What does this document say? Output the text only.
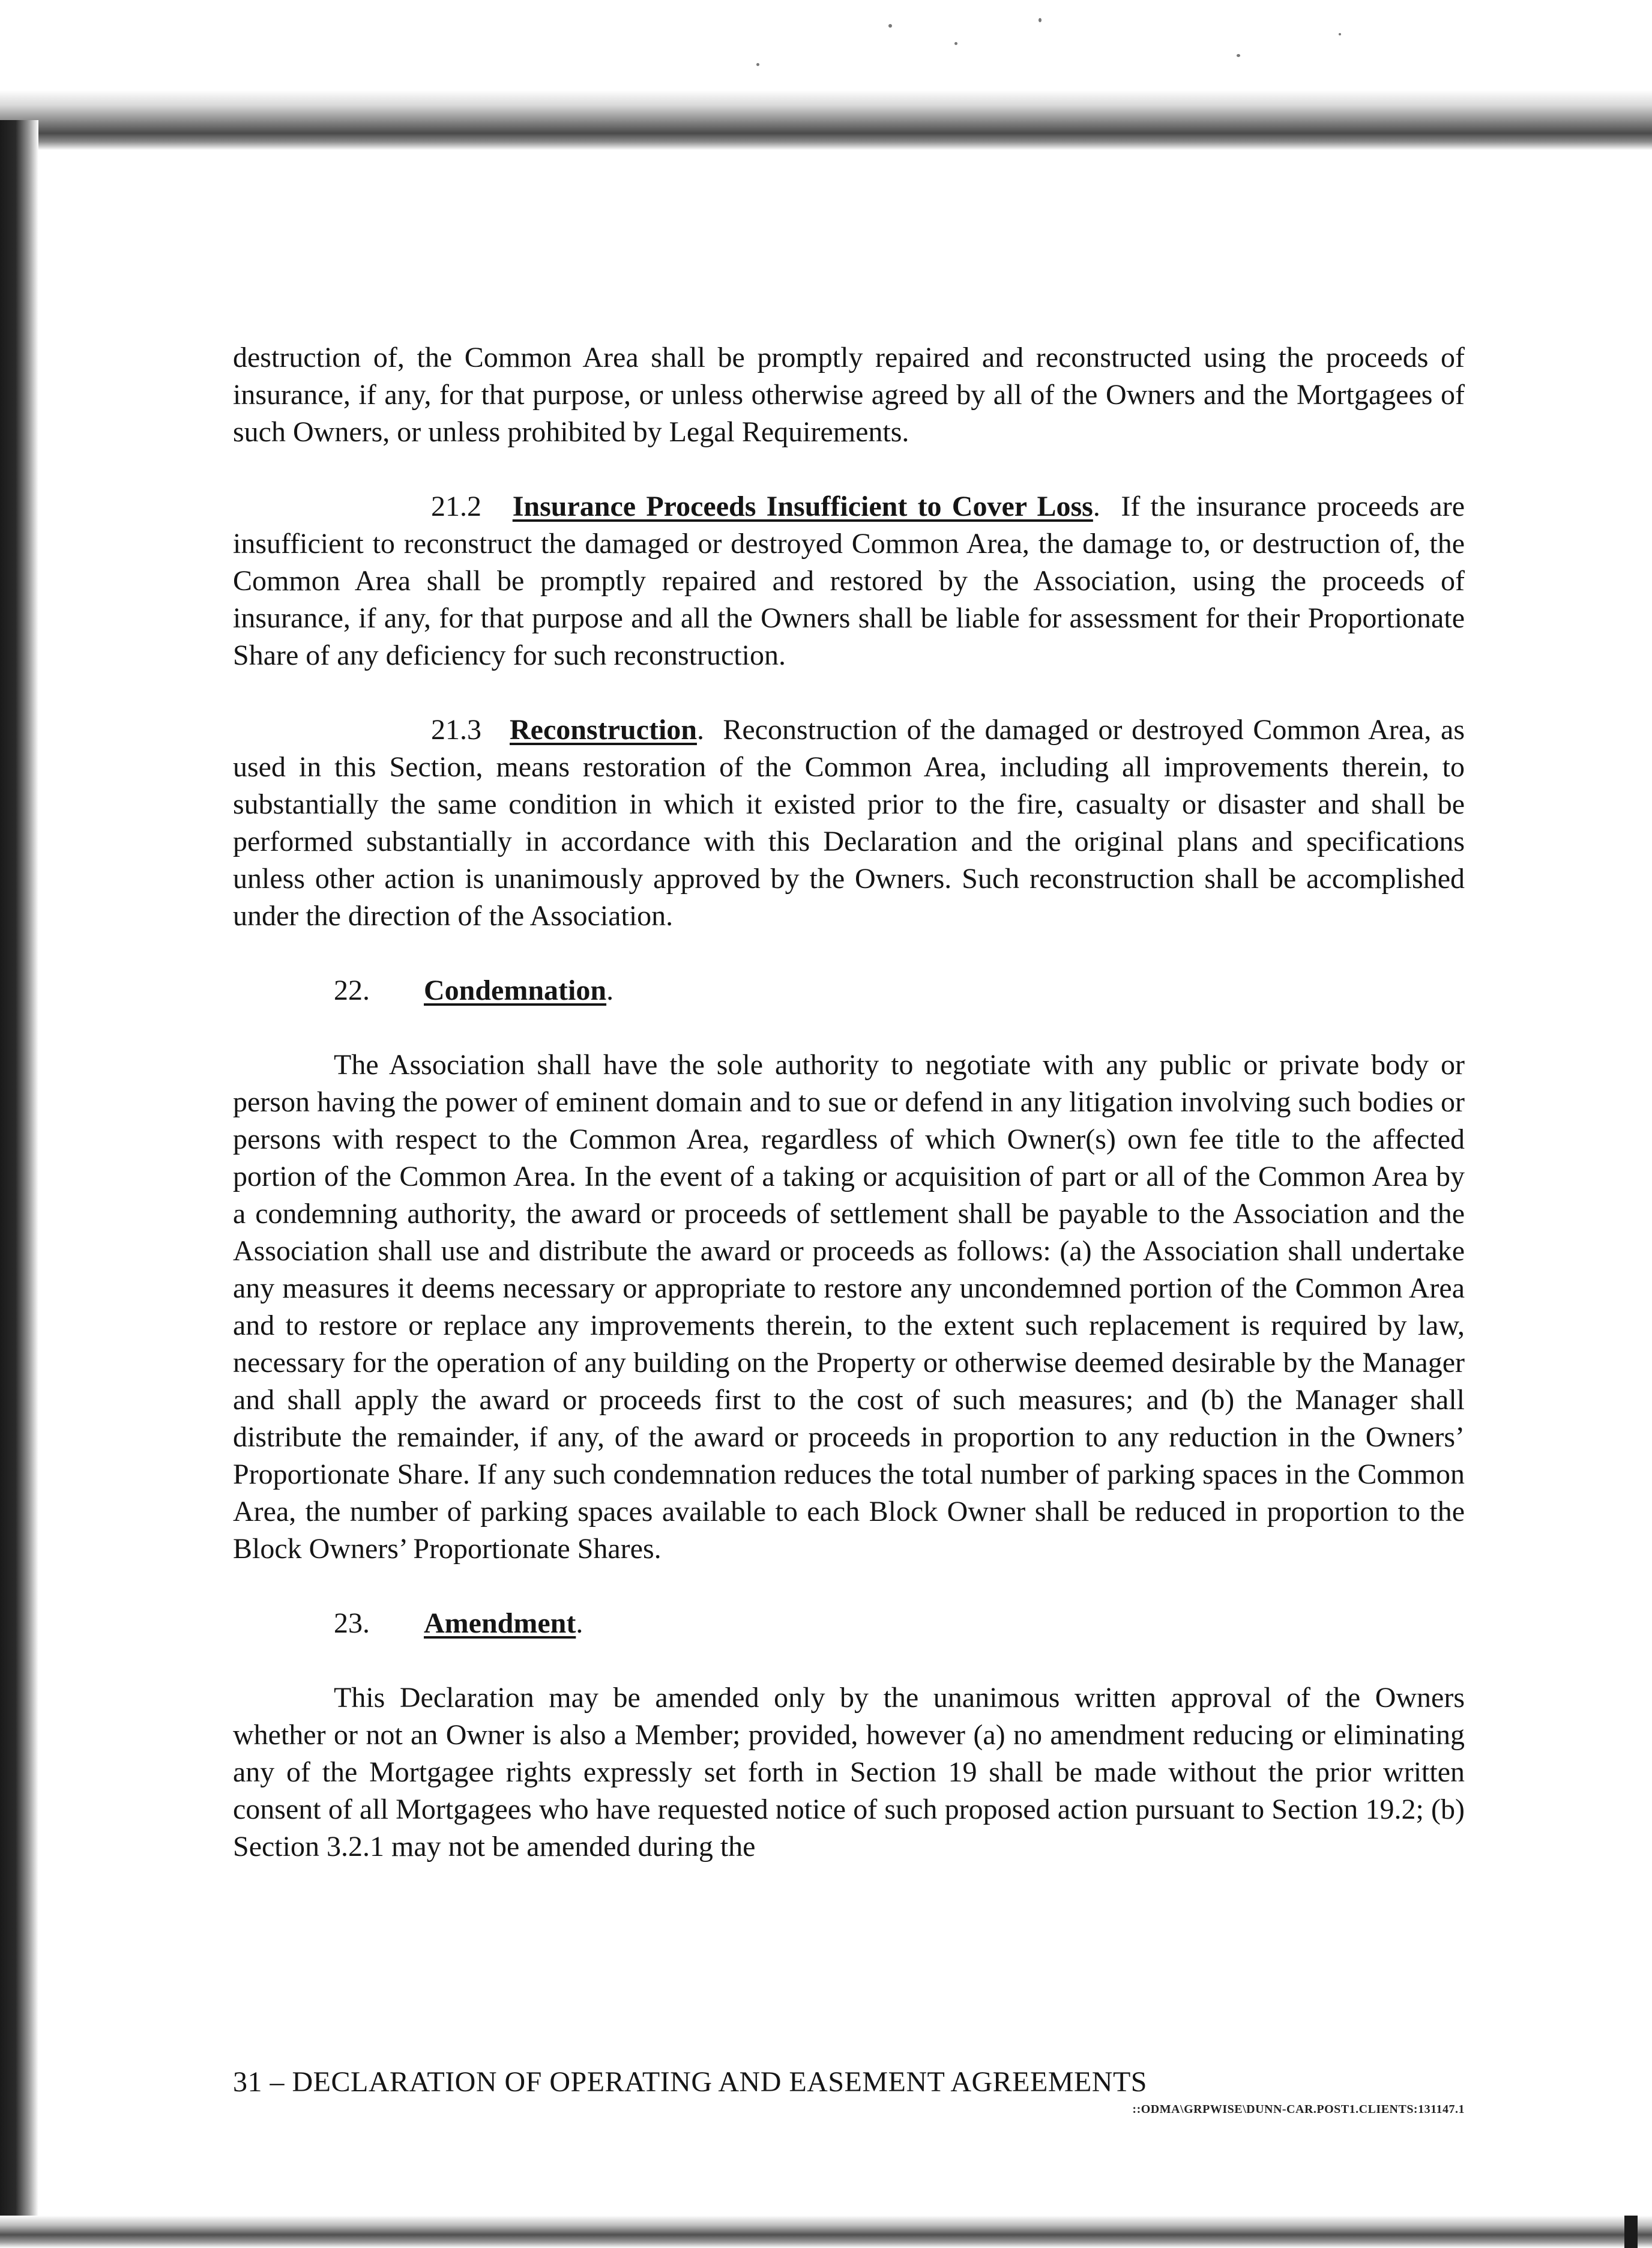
destruction of, the Common Area shall be promptly repaired and reconstructed using the proceeds of insurance, if any, for that purpose, or unless otherwise agreed by all of the Owners and the Mortgagees of such Owners, or unless prohibited by Legal Requirements.

21.2 Insurance Proceeds Insufficient to Cover Loss.  If the insurance proceeds are insufficient to reconstruct the damaged or destroyed Common Area, the damage to, or destruction of, the Common Area shall be promptly repaired and restored by the Association, using the proceeds of insurance, if any, for that purpose and all the Owners shall be liable for assessment for their Proportionate Share of any deficiency for such reconstruction.

21.3 Reconstruction.  Reconstruction of the damaged or destroyed Common Area, as used in this Section, means restoration of the Common Area, including all improvements therein, to substantially the same condition in which it existed prior to the fire, casualty or disaster and shall be performed substantially in accordance with this Declaration and the original plans and specifications unless other action is unanimously approved by the Owners. Such reconstruction shall be accomplished under the direction of the Association.

22. Condemnation.

The Association shall have the sole authority to negotiate with any public or private body or person having the power of eminent domain and to sue or defend in any litigation involving such bodies or persons with respect to the Common Area, regardless of which Owner(s) own fee title to the affected portion of the Common Area. In the event of a taking or acquisition of part or all of the Common Area by a condemning authority, the award or proceeds of settlement shall be payable to the Association and the Association shall use and distribute the award or proceeds as follows: (a) the Association shall undertake any measures it deems necessary or appropriate to restore any uncondemned portion of the Common Area and to restore or replace any improvements therein, to the extent such replacement is required by law, necessary for the operation of any building on the Property or otherwise deemed desirable by the Manager and shall apply the award or proceeds first to the cost of such measures; and (b) the Manager shall distribute the remainder, if any, of the award or proceeds in proportion to any reduction in the Owners’ Proportionate Share. If any such condemnation reduces the total number of parking spaces in the Common Area, the number of parking spaces available to each Block Owner shall be reduced in proportion to the Block Owners’ Proportionate Shares.

23. Amendment.

This Declaration may be amended only by the unanimous written approval of the Owners whether or not an Owner is also a Member; provided, however (a) no amendment reducing or eliminating any of the Mortgagee rights expressly set forth in Section 19 shall be made without the prior written consent of all Mortgagees who have requested notice of such proposed action pursuant to Section 19.2; (b) Section 3.2.1 may not be amended during the

31 – DECLARATION OF OPERATING AND EASEMENT AGREEMENTS
::ODMA\GRPWISE\DUNN-CAR.POST1.CLIENTS:131147.1
